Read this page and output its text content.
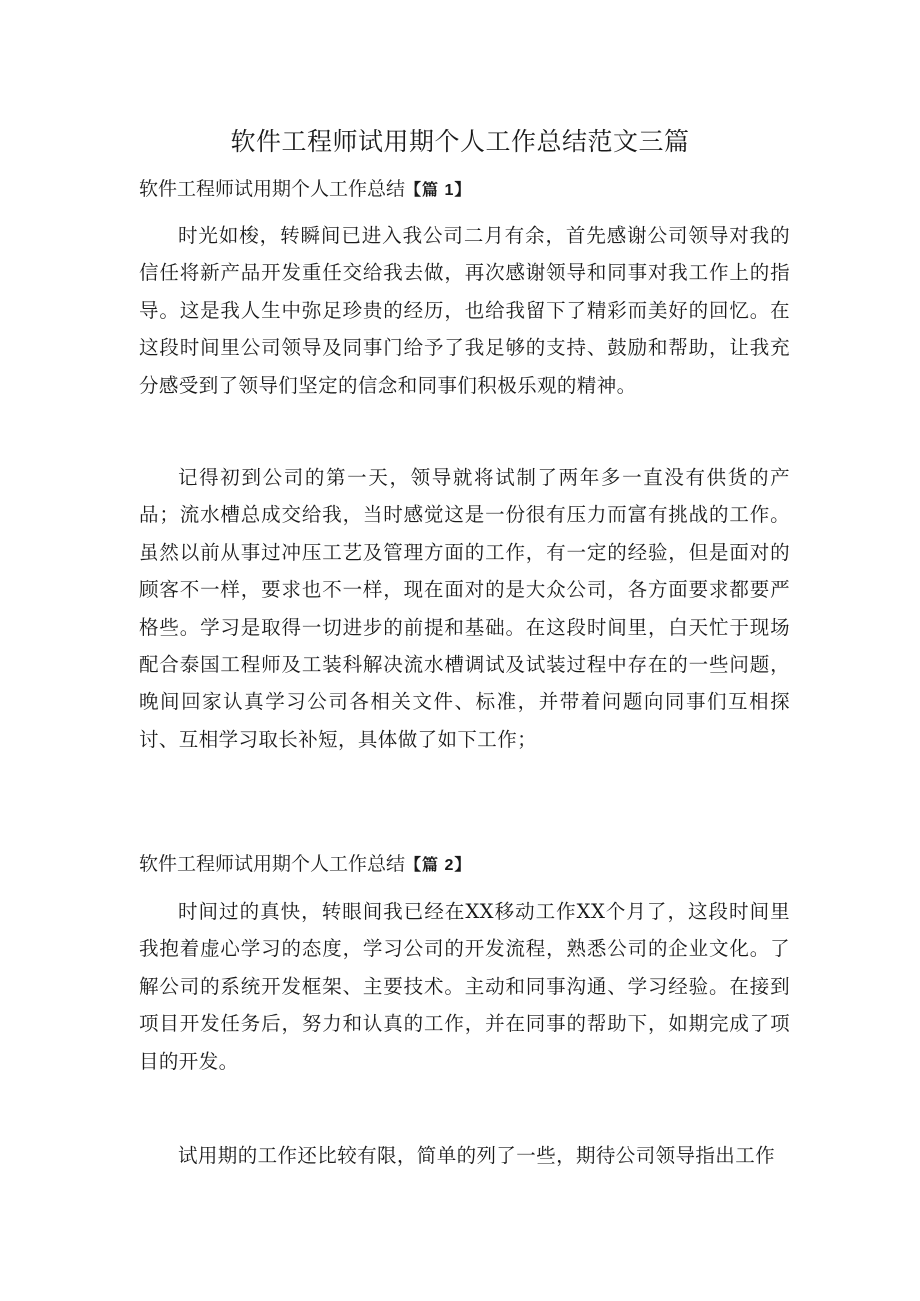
软件工程师试用期个人工作总结范文三篇
软件工程师试用期个人工作总结【篇 1】

时光如梭，转瞬间已进入我公司二月有余，首先感谢公司领导对我的信任将新产品开发重任交给我去做，再次感谢领导和同事对我工作上的指导。这是我人生中弥足珍贵的经历，也给我留下了精彩而美好的回忆。在这段时间里公司领导及同事门给予了我足够的支持、鼓励和帮助，让我充分感受到了领导们坚定的信念和同事们积极乐观的精神。

记得初到公司的第一天，领导就将试制了两年多一直没有供货的产品；流水槽总成交给我，当时感觉这是一份很有压力而富有挑战的工作。虽然以前从事过冲压工艺及管理方面的工作，有一定的经验，但是面对的顾客不一样，要求也不一样，现在面对的是大众公司，各方面要求都要严格些。学习是取得一切进步的前提和基础。在这段时间里，白天忙于现场配合泰国工程师及工装科解决流水槽调试及试装过程中存在的一些问题，晚间回家认真学习公司各相关文件、标准，并带着问题向同事们互相探讨、互相学习取长补短，具体做了如下工作；

软件工程师试用期个人工作总结【篇 2】

时间过的真快，转眼间我已经在XX移动工作XX个月了，这段时间里我抱着虚心学习的态度，学习公司的开发流程，熟悉公司的企业文化。了解公司的系统开发框架、主要技术。主动和同事沟通、学习经验。在接到项目开发任务后，努力和认真的工作，并在同事的帮助下，如期完成了项目的开发。

试用期的工作还比较有限，简单的列了一些，期待公司领导指出工作
